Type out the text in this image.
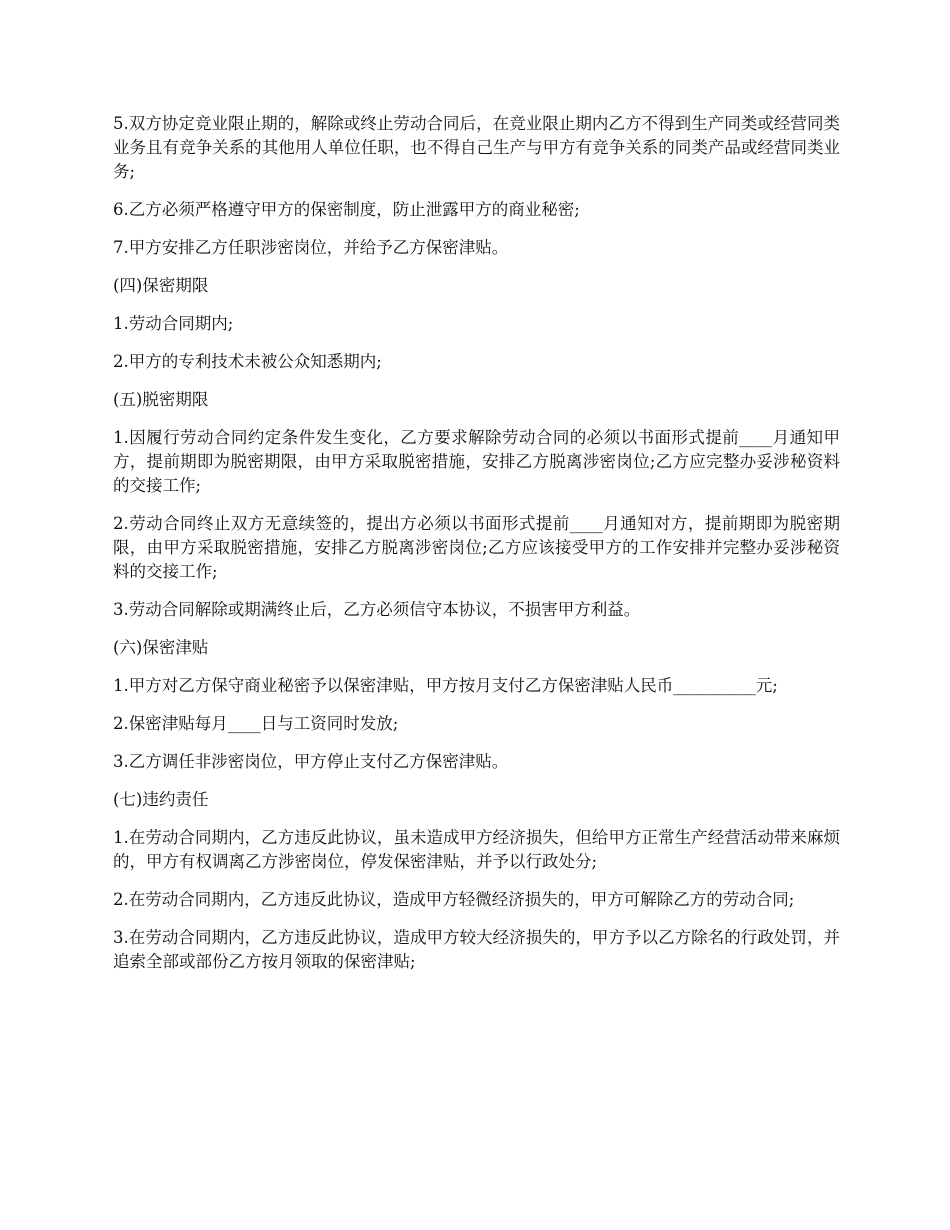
5.双方协定竞业限止期的，解除或终止劳动合同后，在竞业限止期内乙方不得到生产同类或经营同类业务且有竞争关系的其他用人单位任职，也不得自己生产与甲方有竞争关系的同类产品或经营同类业务;

6.乙方必须严格遵守甲方的保密制度，防止泄露甲方的商业秘密;

7.甲方安排乙方任职涉密岗位，并给予乙方保密津贴。

(四)保密期限

1.劳动合同期内;

2.甲方的专利技术未被公众知悉期内;

(五)脱密期限

1.因履行劳动合同约定条件发生变化，乙方要求解除劳动合同的必须以书面形式提前____月通知甲方，提前期即为脱密期限，由甲方采取脱密措施，安排乙方脱离涉密岗位;乙方应完整办妥涉秘资料的交接工作;

2.劳动合同终止双方无意续签的，提出方必须以书面形式提前____月通知对方，提前期即为脱密期限，由甲方采取脱密措施，安排乙方脱离涉密岗位;乙方应该接受甲方的工作安排并完整办妥涉秘资料的交接工作;

3.劳动合同解除或期满终止后，乙方必须信守本协议，不损害甲方利益。

(六)保密津贴

1.甲方对乙方保守商业秘密予以保密津贴，甲方按月支付乙方保密津贴人民币__________元;

2.保密津贴每月____日与工资同时发放;

3.乙方调任非涉密岗位，甲方停止支付乙方保密津贴。

(七)违约责任

1.在劳动合同期内，乙方违反此协议，虽未造成甲方经济损失，但给甲方正常生产经营活动带来麻烦的，甲方有权调离乙方涉密岗位，停发保密津贴，并予以行政处分;

2.在劳动合同期内，乙方违反此协议，造成甲方轻微经济损失的，甲方可解除乙方的劳动合同;

3.在劳动合同期内，乙方违反此协议，造成甲方较大经济损失的，甲方予以乙方除名的行政处罚，并追索全部或部份乙方按月领取的保密津贴;
